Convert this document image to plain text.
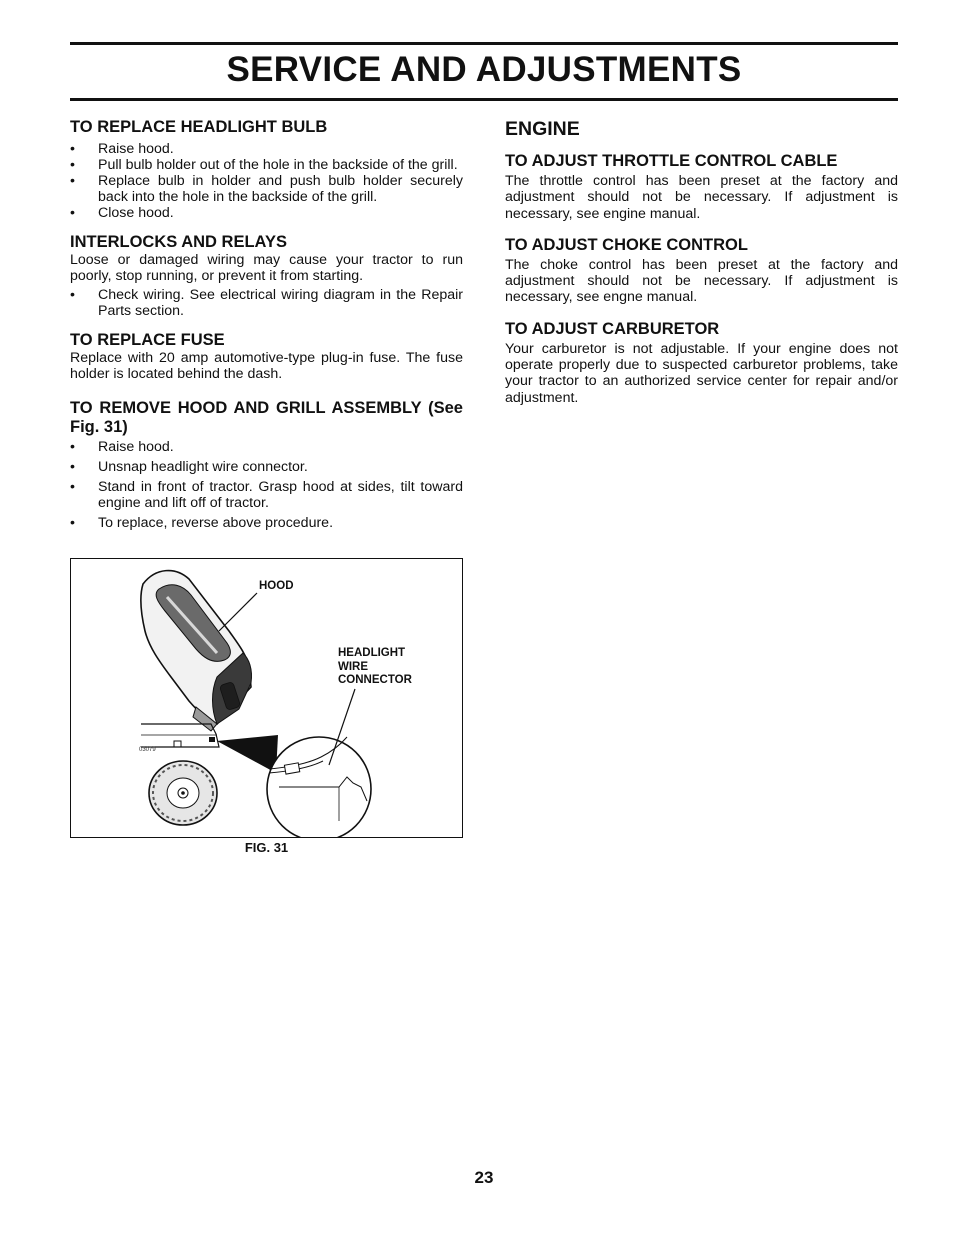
SERVICE AND ADJUSTMENTS
TO REPLACE HEADLIGHT BULB
• Raise hood.
• Pull bulb holder out of the hole in the backside of the grill.
• Replace bulb in holder and push bulb holder securely back into the hole in the backside of the grill.
• Close hood.
INTERLOCKS AND RELAYS

Loose or damaged wiring may cause your tractor to run poorly, stop running, or prevent it from starting.

• Check wiring. See electrical wiring diagram in the Repair Parts section.
TO REPLACE FUSE

Replace with 20 amp automotive-type plug-in fuse. The fuse holder is located behind the dash.

TO REMOVE HOOD AND GRILL ASSEMBLY (See Fig. 31)
• Raise hood.
• Unsnap headlight wire connector.
• Stand in front of tractor. Grasp hood at sides, tilt toward engine and lift off of tractor.
• To replace, reverse above procedure.
HOOD
HEADLIGHT
WIRE
CONNECTOR
03079
FIG. 31
ENGINE
TO ADJUST THROTTLE CONTROL CABLE

The throttle control has been preset at the factory and adjustment should not be necessary. If adjustment is necessary, see engine manual.

TO ADJUST CHOKE CONTROL

The choke control has been preset at the factory and adjustment should not be necessary. If adjustment is necessary, see engne manual.

TO ADJUST CARBURETOR

Your carburetor is not adjustable. If your engine does not operate properly due to suspected carburetor problems, take your tractor to an authorized service center for repair and/or adjustment.

23
